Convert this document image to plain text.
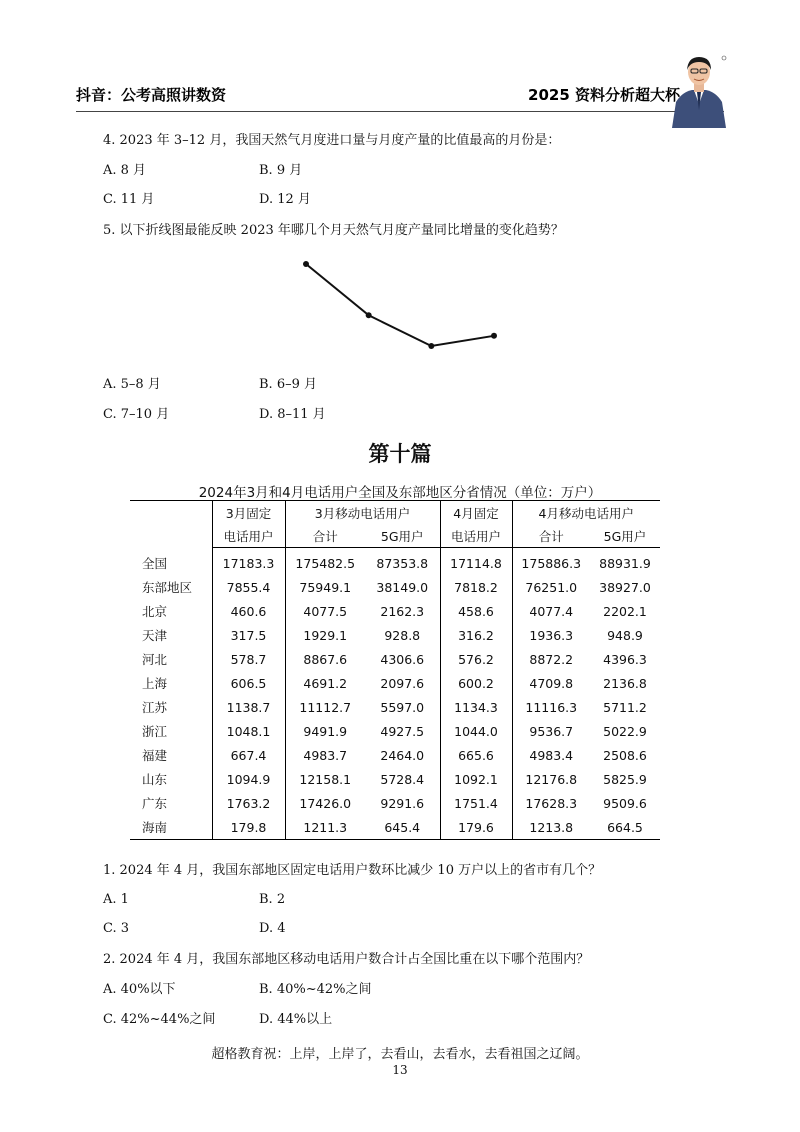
抖音：公考高照讲数资	2025 资料分析超大杯
4. 2023 年 3–12 月，我国天然气月度进口量与月度产量的比值最高的月份是：
A. 8 月	B. 9 月
C. 11 月	D. 12 月
5. 以下折线图最能反映 2023 年哪几个月天然气月度产量同比增量的变化趋势？
A. 5–8 月	B. 6–9 月
C. 7–10 月	D. 8–11 月
第十篇
2024年3月和4月电话用户全国及东部地区分省情况（单位：万户）
	3月固定	3月移动电话用户		4月固定	4月移动电话用户	
	电话用户	合计	5G用户	电话用户	合计	5G用户
全国	17183.3	175482.5	87353.8	17114.8	175886.3	88931.9
东部地区	7855.4	75949.1	38149.0	7818.2	76251.0	38927.0
北京	460.6	4077.5	2162.3	458.6	4077.4	2202.1
天津	317.5	1929.1	928.8	316.2	1936.3	948.9
河北	578.7	8867.6	4306.6	576.2	8872.2	4396.3
上海	606.5	4691.2	2097.6	600.2	4709.8	2136.8
江苏	1138.7	11112.7	5597.0	1134.3	11116.3	5711.2
浙江	1048.1	9491.9	4927.5	1044.0	9536.7	5022.9
福建	667.4	4983.7	2464.0	665.6	4983.4	2508.6
山东	1094.9	12158.1	5728.4	1092.1	12176.8	5825.9
广东	1763.2	17426.0	9291.6	1751.4	17628.3	9509.6
海南	179.8	1211.3	645.4	179.6	1213.8	664.5
1. 2024 年 4 月，我国东部地区固定电话用户数环比减少 10 万户以上的省市有几个？
A. 1	B. 2
C. 3	D. 4
2. 2024 年 4 月，我国东部地区移动电话用户数合计占全国比重在以下哪个范围内？
A. 40%以下	B. 40%~42%之间
C. 42%~44%之间	D. 44%以上
超格教育祝：上岸，上岸了，去看山，去看水，去看祖国之辽阔。
13
